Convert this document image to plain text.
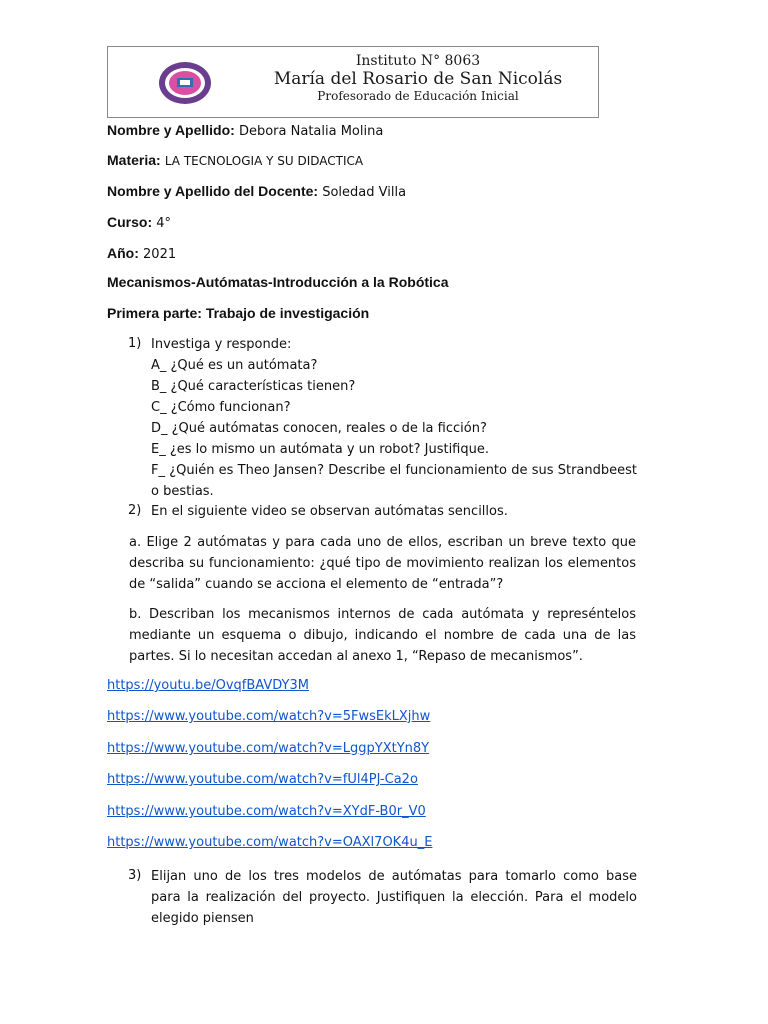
Instituto N° 8063
María del Rosario de San Nicolás
Profesorado de Educación Inicial
Nombre y Apellido: Debora Natalia Molina
Materia: LA TECNOLOGIA Y SU DIDACTICA
Nombre y Apellido del Docente: Soledad Villa
Curso: 4°
Año: 2021
Mecanismos-Autómatas-Introducción a la Robótica
Primera parte: Trabajo de investigación
1) Investiga y responde:
A_ ¿Qué es un autómata?
B_ ¿Qué características tienen?
C_ ¿Cómo funcionan?
D_ ¿Qué autómatas conocen, reales o de la ficción?
E_ ¿es lo mismo un autómata y un robot? Justifique.
F_ ¿Quién es Theo Jansen? Describe el funcionamiento de sus Strandbeest o bestias.
2) En el siguiente video se observan autómatas sencillos.
a. Elige 2 autómatas y para cada uno de ellos, escriban un breve texto que describa su funcionamiento: ¿qué tipo de movimiento realizan los elementos de “salida” cuando se acciona el elemento de “entrada”?
b. Describan los mecanismos internos de cada autómata y represéntelos mediante un esquema o dibujo, indicando el nombre de cada una de las partes. Si lo necesitan accedan al anexo 1, “Repaso de mecanismos”.
https://youtu.be/OvqfBAVDY3M
https://www.youtube.com/watch?v=5FwsEkLXjhw
https://www.youtube.com/watch?v=LggpYXtYn8Y
https://www.youtube.com/watch?v=fUl4PJ-Ca2o
https://www.youtube.com/watch?v=XYdF-B0r_V0
https://www.youtube.com/watch?v=OAXl7OK4u_E
3) Elijan uno de los tres modelos de autómatas para tomarlo como base para la realización del proyecto. Justifiquen la elección. Para el modelo elegido piensen
